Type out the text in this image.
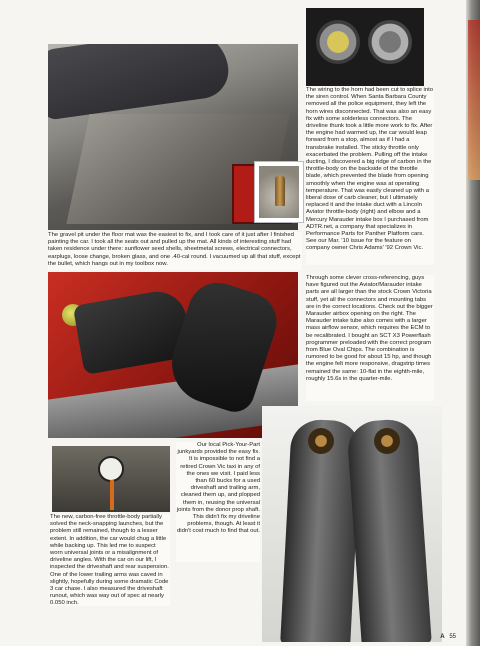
The gravel pit under the floor mat was the easiest to fix, and I took care of it just after I finished painting the car. I took all the seats out and pulled up the mat. All kinds of interesting stuff had taken residence under there: sunflower seed shells, sheetmetal screws, electrical connectors, earplugs, loose change, broken glass, and one .40-cal round. I vacuumed up all that stuff, except the bullet, which hangs out in my toolbox now.

The wiring to the horn had been cut to splice into the siren control. When Santa Barbara County removed all the police equipment, they left the horn wires disconnected. That was also an easy fix with some solderless connectors. The driveline thunk took a little more work to fix. After the engine had warmed up, the car would leap forward from a stop, almost as if I had a transbrake installed. The sticky throttle only exacerbated the problem. Pulling off the intake ducting, I discovered a big ridge of carbon in the throttle-body on the backside of the throttle blade, which prevented the blade from opening smoothly when the engine was at operating temperature. That was easily cleaned up with a liberal dose of carb cleaner, but I ultimately replaced it and the intake duct with a Lincoln Aviator throttle-body (right) and elbow and a Mercury Marauder intake box I purchased from ADTR.net, a company that specializes in Performance Parts for Panther Platform cars. See our Mar. '10 issue for the feature on company owner Chris Adams' '92 Crown Vic.

Through some clever cross-referencing, guys have figured out the Aviator/Marauder intake parts are all larger than the stock Crown Victoria stuff, yet all the connectors and mounting tabs are in the correct locations. Check out the bigger Marauder airbox opening on the right. The Marauder intake tube also comes with a larger mass airflow sensor, which requires the ECM to be recalibrated. I bought an SCT X3 Powerflash programmer preloaded with the correct program from Blue Oval Chips. The combination is rumored to be good for about 15 hp, and though the engine felt more responsive, dragstrip times remained the same: 10-flat in the eighth-mile, roughly 15.6s in the quarter-mile.

Our local Pick-Your-Part junkyards provided the easy fix. It is impossible to not find a retired Crown Vic taxi in any of the ones we visit. I paid less than 60 bucks for a used driveshaft and trailing arm, cleaned them up, and plopped them in, reusing the universal joints from the donor prop shaft. This didn't fix my driveline problems, though. At least it didn't cost much to find that out.

The new, carbon-free throttle-body partially solved the neck-snapping launches, but the problem still remained, though to a lesser extent. In addition, the car would chug a little while backing up. This led me to suspect worn universal joints or a misalignment of driveline angles. With the car on our lift, I inspected the driveshaft and rear suspension. One of the lower trailing arms was caved in slightly, hopefully during some dramatic Code 3 car chase. I also measured the driveshaft runout, which was way out of spec at nearly 0.050 inch.

A 55
